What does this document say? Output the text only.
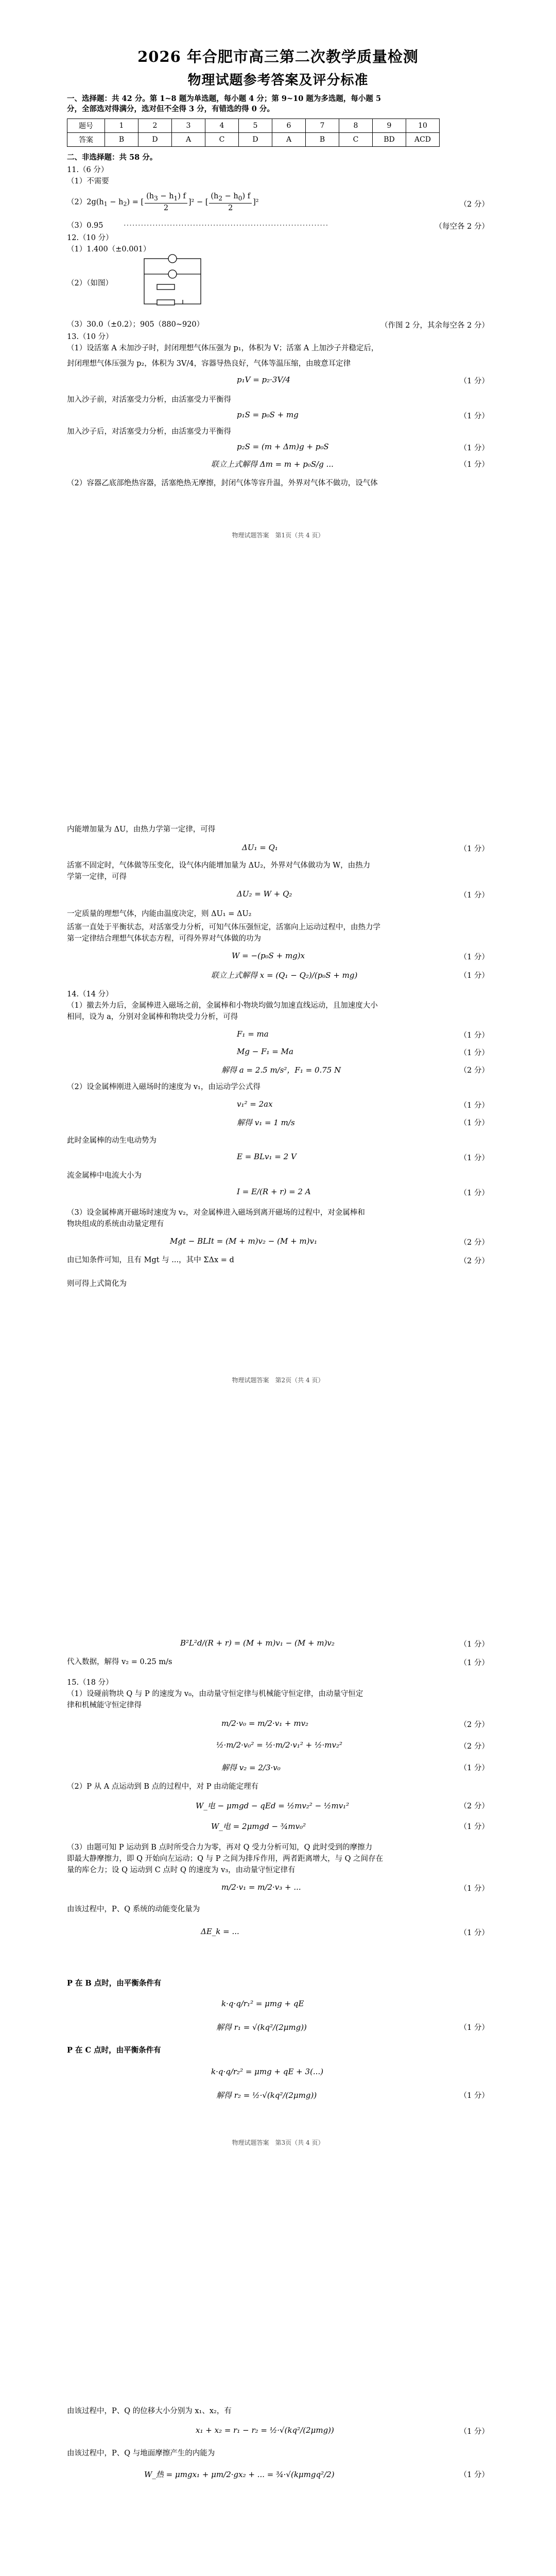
2026 年合肥市高三第二次教学质量检测
物理试题参考答案及评分标准
一、选择题：共 42 分。第 1~8 题为单选题，每小题 4 分；第 9~10 题为多选题，每小题 5
分，全部选对得满分，选对但不全得 3 分，有错选的得 0 分。
题号	1	2	3	4	5	6	7	8	9	10
答案	B	D	A	C	D	A	B	C	BD	ACD
二、非选择题：共 58 分。
11.（6 分）
（1）不需要
$(2)2g(h_1 - h_2)$ = [ $\frac{(h_3 - h_1) f}{2} ]^2$ − [ $\frac{(h_2 - h_0) f}{2} ]^2$	（2 分）
（3）0.95	·······································································	（每空各 2 分）
12.（10 分）
（1）1.400（±0.001）
（2）（如图）
（3）30.0（±0.2）；905（880~920）	（作图 2 分，其余每空各 2 分）
13.（10 分）
（1）设活塞 A 未加沙子时，封闭理想气体压强为 p₁，体积为 V；活塞 A 上加沙子并稳定后，
封闭理想气体压强为 p₂，体积为 3V/4，容器导热良好，气体等温压缩，由玻意耳定律
p₁V = p₂·3V/4	（1 分）
加入沙子前，对活塞受力分析，由活塞受力平衡得
p₁S = p₀S + mg	（1 分）
加入沙子后，对活塞受力分析，由活塞受力平衡得
p₂S = (m + Δm)g + p₀S	（1 分）
联立上式解得 Δm = m + p₀S/g ...	（1 分）
（2）容器乙底部绝热容器，活塞绝热无摩擦，封闭气体等容升温，外界对气体不做功，设气体
物理试题答案　第1页（共 4 页）
内能增加量为 ΔU，由热力学第一定律，可得
ΔU₁ = Q₁	（1 分）
活塞不固定时，气体做等压变化，设气体内能增加量为 ΔU₂，外界对气体做功为 W，由热力
学第一定律，可得
ΔU₂ = W + Q₂	（1 分）
一定质量的理想气体，内能由温度决定，则 ΔU₁ = ΔU₂
活塞一直处于平衡状态，对活塞受力分析，可知气体压强恒定，活塞向上运动过程中，由热力学
第一定律结合理想气体状态方程，可得外界对气体做的功为
W = −(p₀S + mg)x	（1 分）
联立上式解得 x = (Q₁ − Q₂)/(p₀S + mg)	（1 分）
14.（14 分）
（1）撤去外力后，金属棒进入磁场之前，金属棒和小物块均做匀加速直线运动，且加速度大小
相同，设为 a，分别对金属棒和物块受力分析，可得
F₁ = ma	（1 分）
Mg − F₁ = Ma	（1 分）
解得 a = 2.5 m/s²，F₁ = 0.75 N	（2 分）
（2）设金属棒刚进入磁场时的速度为 v₁，由运动学公式得
v₁² = 2ax	（1 分）
解得 v₁ = 1 m/s	（1 分）
此时金属棒的动生电动势为
E = BLv₁ = 2 V	（1 分）
流金属棒中电流大小为
I = E/(R + r) = 2 A	（1 分）
（3）设金属棒离开磁场时速度为 v₂，对金属棒进入磁场到离开磁场的过程中，对金属棒和
物块组成的系统由动量定理有
Mgt − BLIt = (M + m)v₂ − (M + m)v₁	（2 分）
由已知条件可知，且有 Mgt 与 ...，其中 ΣΔx = d	（2 分）
则可得上式简化为
物理试题答案　第2页（共 4 页）
B²L²d/(R + r) = (M + m)v₁ − (M + m)v₂	（1 分）
代入数据，解得 v₂ = 0.25 m/s	（1 分）
15.（18 分）
（1）设碰前物块 Q 与 P 的速度为 v₀，由动量守恒定律与机械能守恒定律，由动量守恒定
律和机械能守恒定律得
m/2·v₀ = m/2·v₁ + mv₂	（2 分）
½·m/2·v₀² = ½·m/2·v₁² + ½·mv₂²	（2 分）
解得 v₂ = 2/3·v₀	（1 分）
（2）P 从 A 点运动到 B 点的过程中，对 P 由动能定理有
W_电 − μmgd − qEd = ½mv₂² − ½mv₁²	（2 分）
W_电 = 2μmgd − ¾mv₀²	（1 分）
（3）由题可知 P 运动到 B 点时所受合力为零，再对 Q 受力分析可知，Q 此时受到的摩擦力
即最大静摩擦力，即 Q 开始向左运动；Q 与 P 之间为排斥作用，两者距离增大，与 Q 之间存在
量的库仑力；设 Q 运动到 C 点时 Q 的速度为 v₃，由动量守恒定律有
m/2·v₁ = m/2·v₃ + ...	（1 分）
由该过程中，P、Q 系统的动能变化量为
ΔE_k = ...	（1 分）
P 在 B 点时，由平衡条件有
k·q·q/r₁² = μmg + qE
解得 r₁ = √(kq²/(2μmg))	（1 分）
P 在 C 点时，由平衡条件有
k·q·q/r₂² = μmg + qE + 3(...)
解得 r₂ = ½·√(kq²/(2μmg))	（1 分）
物理试题答案　第3页（共 4 页）
由该过程中，P、Q 的位移大小分别为 x₁、x₂，有
x₁ + x₂ = r₁ − r₂ = ½·√(kq²/(2μmg))	（1 分）
由该过程中，P、Q 与地面摩擦产生的内能为
W_热 = μmgx₁ + μm/2·gx₂ + ... = ¾·√(kμmgq²/2)	（1 分）
